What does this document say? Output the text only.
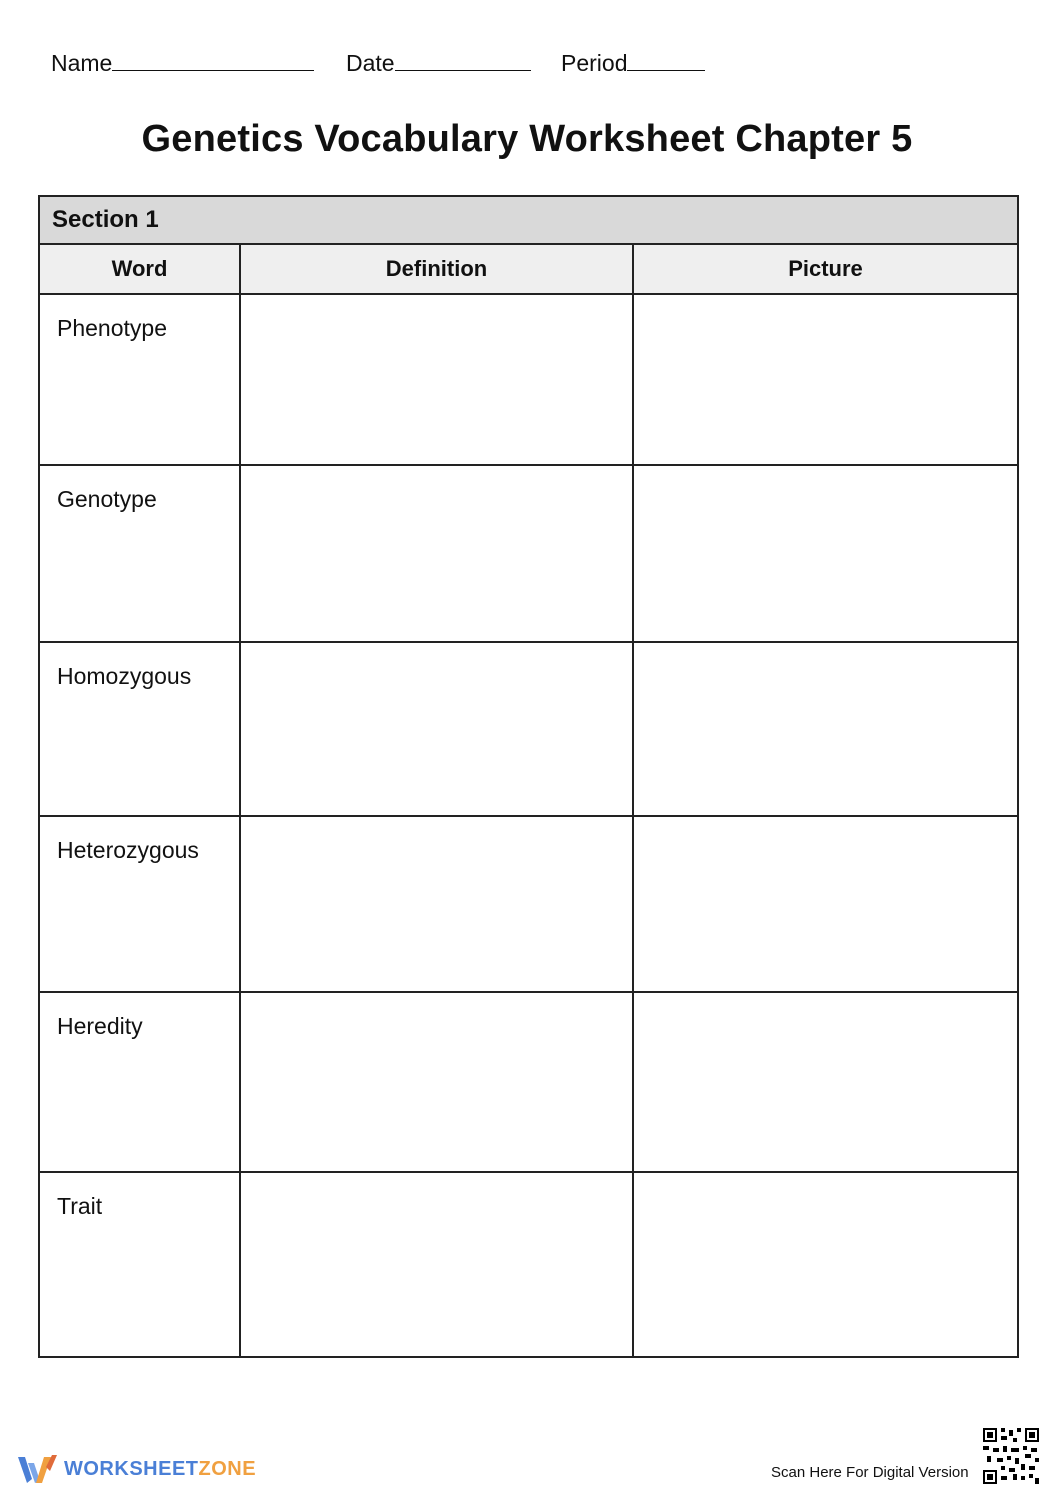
Name	Date	Period
Genetics Vocabulary Worksheet Chapter 5
Section 1		
Word	Definition	Picture
Phenotype		
Genotype		
Homozygous		
Heterozygous		
Heredity		
Trait		
WORKSHEETZONE	Scan Here For Digital Version
